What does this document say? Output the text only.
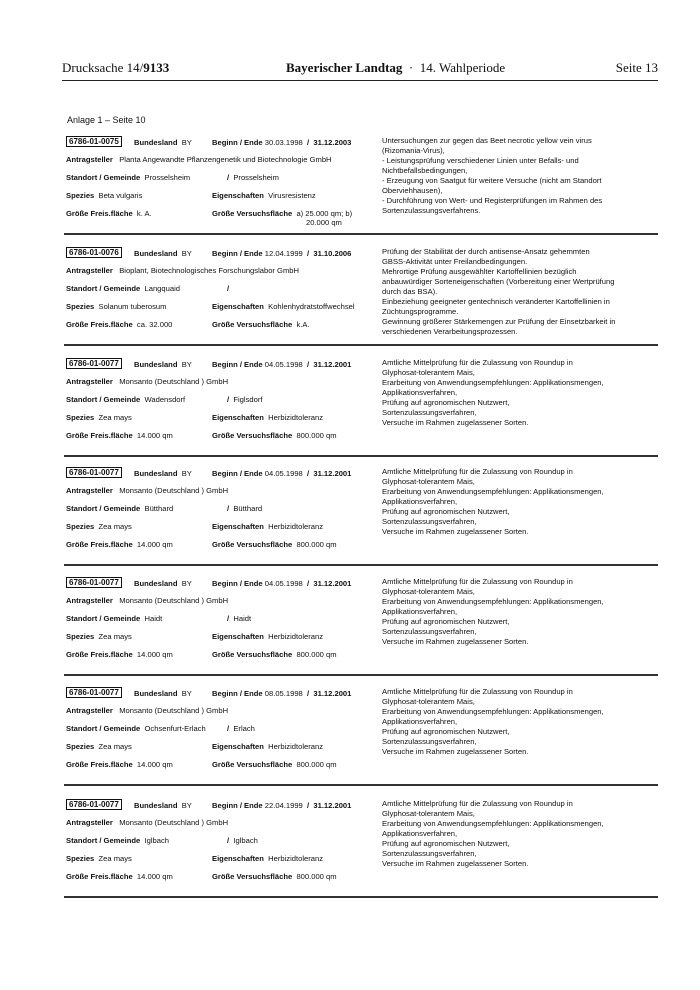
Drucksache 14/9133	Bayerischer Landtag · 14. Wahlperiode	Seite 13
Anlage 1 – Seite 10
6786-01-0075	Bundesland BY	Beginn / Ende 30.03.1998 / 31.12.2003
Antragsteller Planta Angewandte Pflanzengenetik und Biotechnologie GmbH
Standort / Gemeinde Prosselsheim	/ Prosselsheim
Spezies Beta vulgaris	Eigenschaften Virusresistenz
Größe Freis.fläche k. A.	Größe Versuchsfläche a) 25.000 qm; b)
20.000 qm
Untersuchungen zur gegen das Beet necrotic yellow vein virus
(Rizomania-Virus),
- Leistungsprüfung verschiedener Linien unter Befalls- und
Nichtbefallsbedingungen,
- Erzeugung von Saatgut für weitere Versuche (nicht am Standort
Oberviehhausen),
- Durchführung von Wert- und Registerprüfungen im Rahmen des
Sortenzulassungsverfahrens.
6786-01-0076	Bundesland BY	Beginn / Ende 12.04.1999 / 31.10.2006
Antragsteller Bioplant, Biotechnologisches Forschungslabor GmbH
Standort / Gemeinde Langquaid	/
Spezies Solanum tuberosum	Eigenschaften Kohlenhydratstoffwechsel
Größe Freis.fläche ca. 32.000	Größe Versuchsfläche k.A.
Prüfung der Stabilität der durch antisense-Ansatz gehemmten
GBSS-Aktivität unter Freilandbedingungen.
Mehrortige Prüfung ausgewählter Kartoffellinien bezüglich
anbauwürdiger Sorteneigenschaften (Vorbereitung einer Wertprüfung
durch das BSA).
Einbeziehung geeigneter gentechnisch veränderter Kartoffellinien in
Züchtungsprogramme.
Gewinnung größerer Stärkemengen zur Prüfung der Einsetzbarkeit in
verschiedenen Verarbeitungsprozessen.
6786-01-0077	Bundesland BY	Beginn / Ende 04.05.1998 / 31.12.2001
Antragsteller Monsanto (Deutschland ) GmbH
Standort / Gemeinde Wadensdorf	/ Figlsdorf
Spezies Zea mays	Eigenschaften Herbizidtoleranz
Größe Freis.fläche 14.000 qm	Größe Versuchsfläche 800.000 qm
Amtliche Mittelprüfung für die Zulassung von Roundup in
Glyphosat-tolerantem Mais,
Erarbeitung von Anwendungsempfehlungen: Applikationsmengen,
Applikationsverfahren,
Prüfung auf agronomischen Nutzwert,
Sortenzulassungsverfahren,
Versuche im Rahmen zugelassener Sorten.
6786-01-0077	Bundesland BY	Beginn / Ende 04.05.1998 / 31.12.2001
Antragsteller Monsanto (Deutschland ) GmbH
Standort / Gemeinde Bütthard	/ Bütthard
Spezies Zea mays	Eigenschaften Herbizidtoleranz
Größe Freis.fläche 14.000 qm	Größe Versuchsfläche 800.000 qm
Amtliche Mittelprüfung für die Zulassung von Roundup in
Glyphosat-tolerantem Mais,
Erarbeitung von Anwendungsempfehlungen: Applikationsmengen,
Applikationsverfahren,
Prüfung auf agronomischen Nutzwert,
Sortenzulassungsverfahren,
Versuche im Rahmen zugelassener Sorten.
6786-01-0077	Bundesland BY	Beginn / Ende 04.05.1998 / 31.12.2001
Antragsteller Monsanto (Deutschland ) GmbH
Standort / Gemeinde Haidt	/ Haidt
Spezies Zea mays	Eigenschaften Herbizidtoleranz
Größe Freis.fläche 14.000 qm	Größe Versuchsfläche 800.000 qm
Amtliche Mittelprüfung für die Zulassung von Roundup in
Glyphosat-tolerantem Mais,
Erarbeitung von Anwendungsempfehlungen: Applikationsmengen,
Applikationsverfahren,
Prüfung auf agronomischen Nutzwert,
Sortenzulassungsverfahren,
Versuche im Rahmen zugelassener Sorten.
6786-01-0077	Bundesland BY	Beginn / Ende 08.05.1998 / 31.12.2001
Antragsteller Monsanto (Deutschland ) GmbH
Standort / Gemeinde Ochsenfurt-Erlach	/ Erlach
Spezies Zea mays	Eigenschaften Herbizidtoleranz
Größe Freis.fläche 14.000 qm	Größe Versuchsfläche 800.000 qm
Amtliche Mittelprüfung für die Zulassung von Roundup in
Glyphosat-tolerantem Mais,
Erarbeitung von Anwendungsempfehlungen: Applikationsmengen,
Applikationsverfahren,
Prüfung auf agronomischen Nutzwert,
Sortenzulassungsverfahren,
Versuche im Rahmen zugelassener Sorten.
6786-01-0077	Bundesland BY	Beginn / Ende 22.04.1999 / 31.12.2001
Antragsteller Monsanto (Deutschland ) GmbH
Standort / Gemeinde Iglbach	/ Iglbach
Spezies Zea mays	Eigenschaften Herbizidtoleranz
Größe Freis.fläche 14.000 qm	Größe Versuchsfläche 800.000 qm
Amtliche Mittelprüfung für die Zulassung von Roundup in
Glyphosat-tolerantem Mais,
Erarbeitung von Anwendungsempfehlungen: Applikationsmengen,
Applikationsverfahren,
Prüfung auf agronomischen Nutzwert,
Sortenzulassungsverfahren,
Versuche im Rahmen zugelassener Sorten.
